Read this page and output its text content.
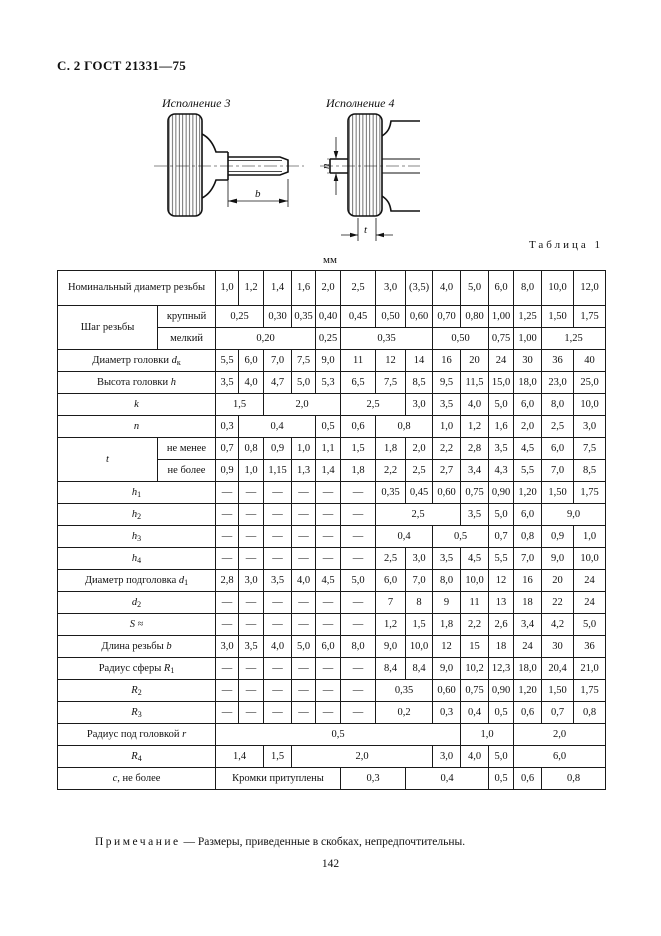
С. 2 ГОСТ 21331—75
Исполнение 3	Исполнение 4
b
n
t
Таблица 1
мм
Номинальный диаметр резьбы		1,0	1,2	1,4	1,6	2,0	2,5	3,0	(3,5)	4,0	5,0	6,0	8,0	10,0	12,0
Шаг резьбы	крупный	0,25		0,30	0,35	0,40	0,45	0,50	0,60	0,70	0,80	1,00	1,25	1,50	1,75
	мелкий	0,20				0,25	0,35			0,50		0,75	1,00	1,25	
Диаметр головки $d_к$		5,5	6,0	7,0	7,5	9,0	11	12	14	16	20	24	30	36	40
Высота головки h		3,5	4,0	4,7	5,0	5,3	6,5	7,5	8,5	9,5	11,5	15,0	18,0	23,0	25,0
k		1,5		2,0			2,5		3,0	3,5	4,0	5,0	6,0	8,0	10,0
n		0,3	0,4			0,5	0,6	0,8		1,0	1,2	1,6	2,0	2,5	3,0
t	не менее	0,7	0,8	0,9	1,0	1,1	1,5	1,8	2,0	2,2	2,8	3,5	4,5	6,0	7,5
	не более	0,9	1,0	1,15	1,3	1,4	1,8	2,2	2,5	2,7	3,4	4,3	5,5	7,0	8,5
$h_1$		—	—	—	—	—	—	0,35	0,45	0,60	0,75	0,90	1,20	1,50	1,75
$h_2$		—	—	—	—	—	—	2,5			3,5	5,0	6,0	9,0	
$h_3$		—	—	—	—	—	—	0,4		0,5		0,7	0,8	0,9	1,0
$h_4$		—	—	—	—	—	—	2,5	3,0	3,5	4,5	5,5	7,0	9,0	10,0
Диаметр подголовка $d_1$		2,8	3,0	3,5	4,0	4,5	5,0	6,0	7,0	8,0	10,0	12	16	20	24
$d_2$		—	—	—	—	—	—	7	8	9	11	13	18	22	24
S ≈		—	—	—	—	—	—	1,2	1,5	1,8	2,2	2,6	3,4	4,2	5,0
Длина резьбы b		3,0	3,5	4,0	5,0	6,0	8,0	9,0	10,0	12	15	18	24	30	36
Радиус сферы $R_1$		—	—	—	—	—	—	8,4	8,4	9,0	10,2	12,3	18,0	20,4	21,0
$R_2$		—	—	—	—	—	—	0,35		0,60	0,75	0,90	1,20	1,50	1,75
$R_3$		—	—	—	—	—	—	0,2		0,3	0,4	0,5	0,6	0,7	0,8
Радиус под головкой r		0,5									1,0		2,0		
$R_4$		1,4		1,5	2,0					3,0	4,0	5,0	6,0		
c, не более		Кромки притуплены					0,3		0,4			0,5	0,6	0,8	
Примечание — Размеры, приведенные в скобках, непредпочтительны.
142
